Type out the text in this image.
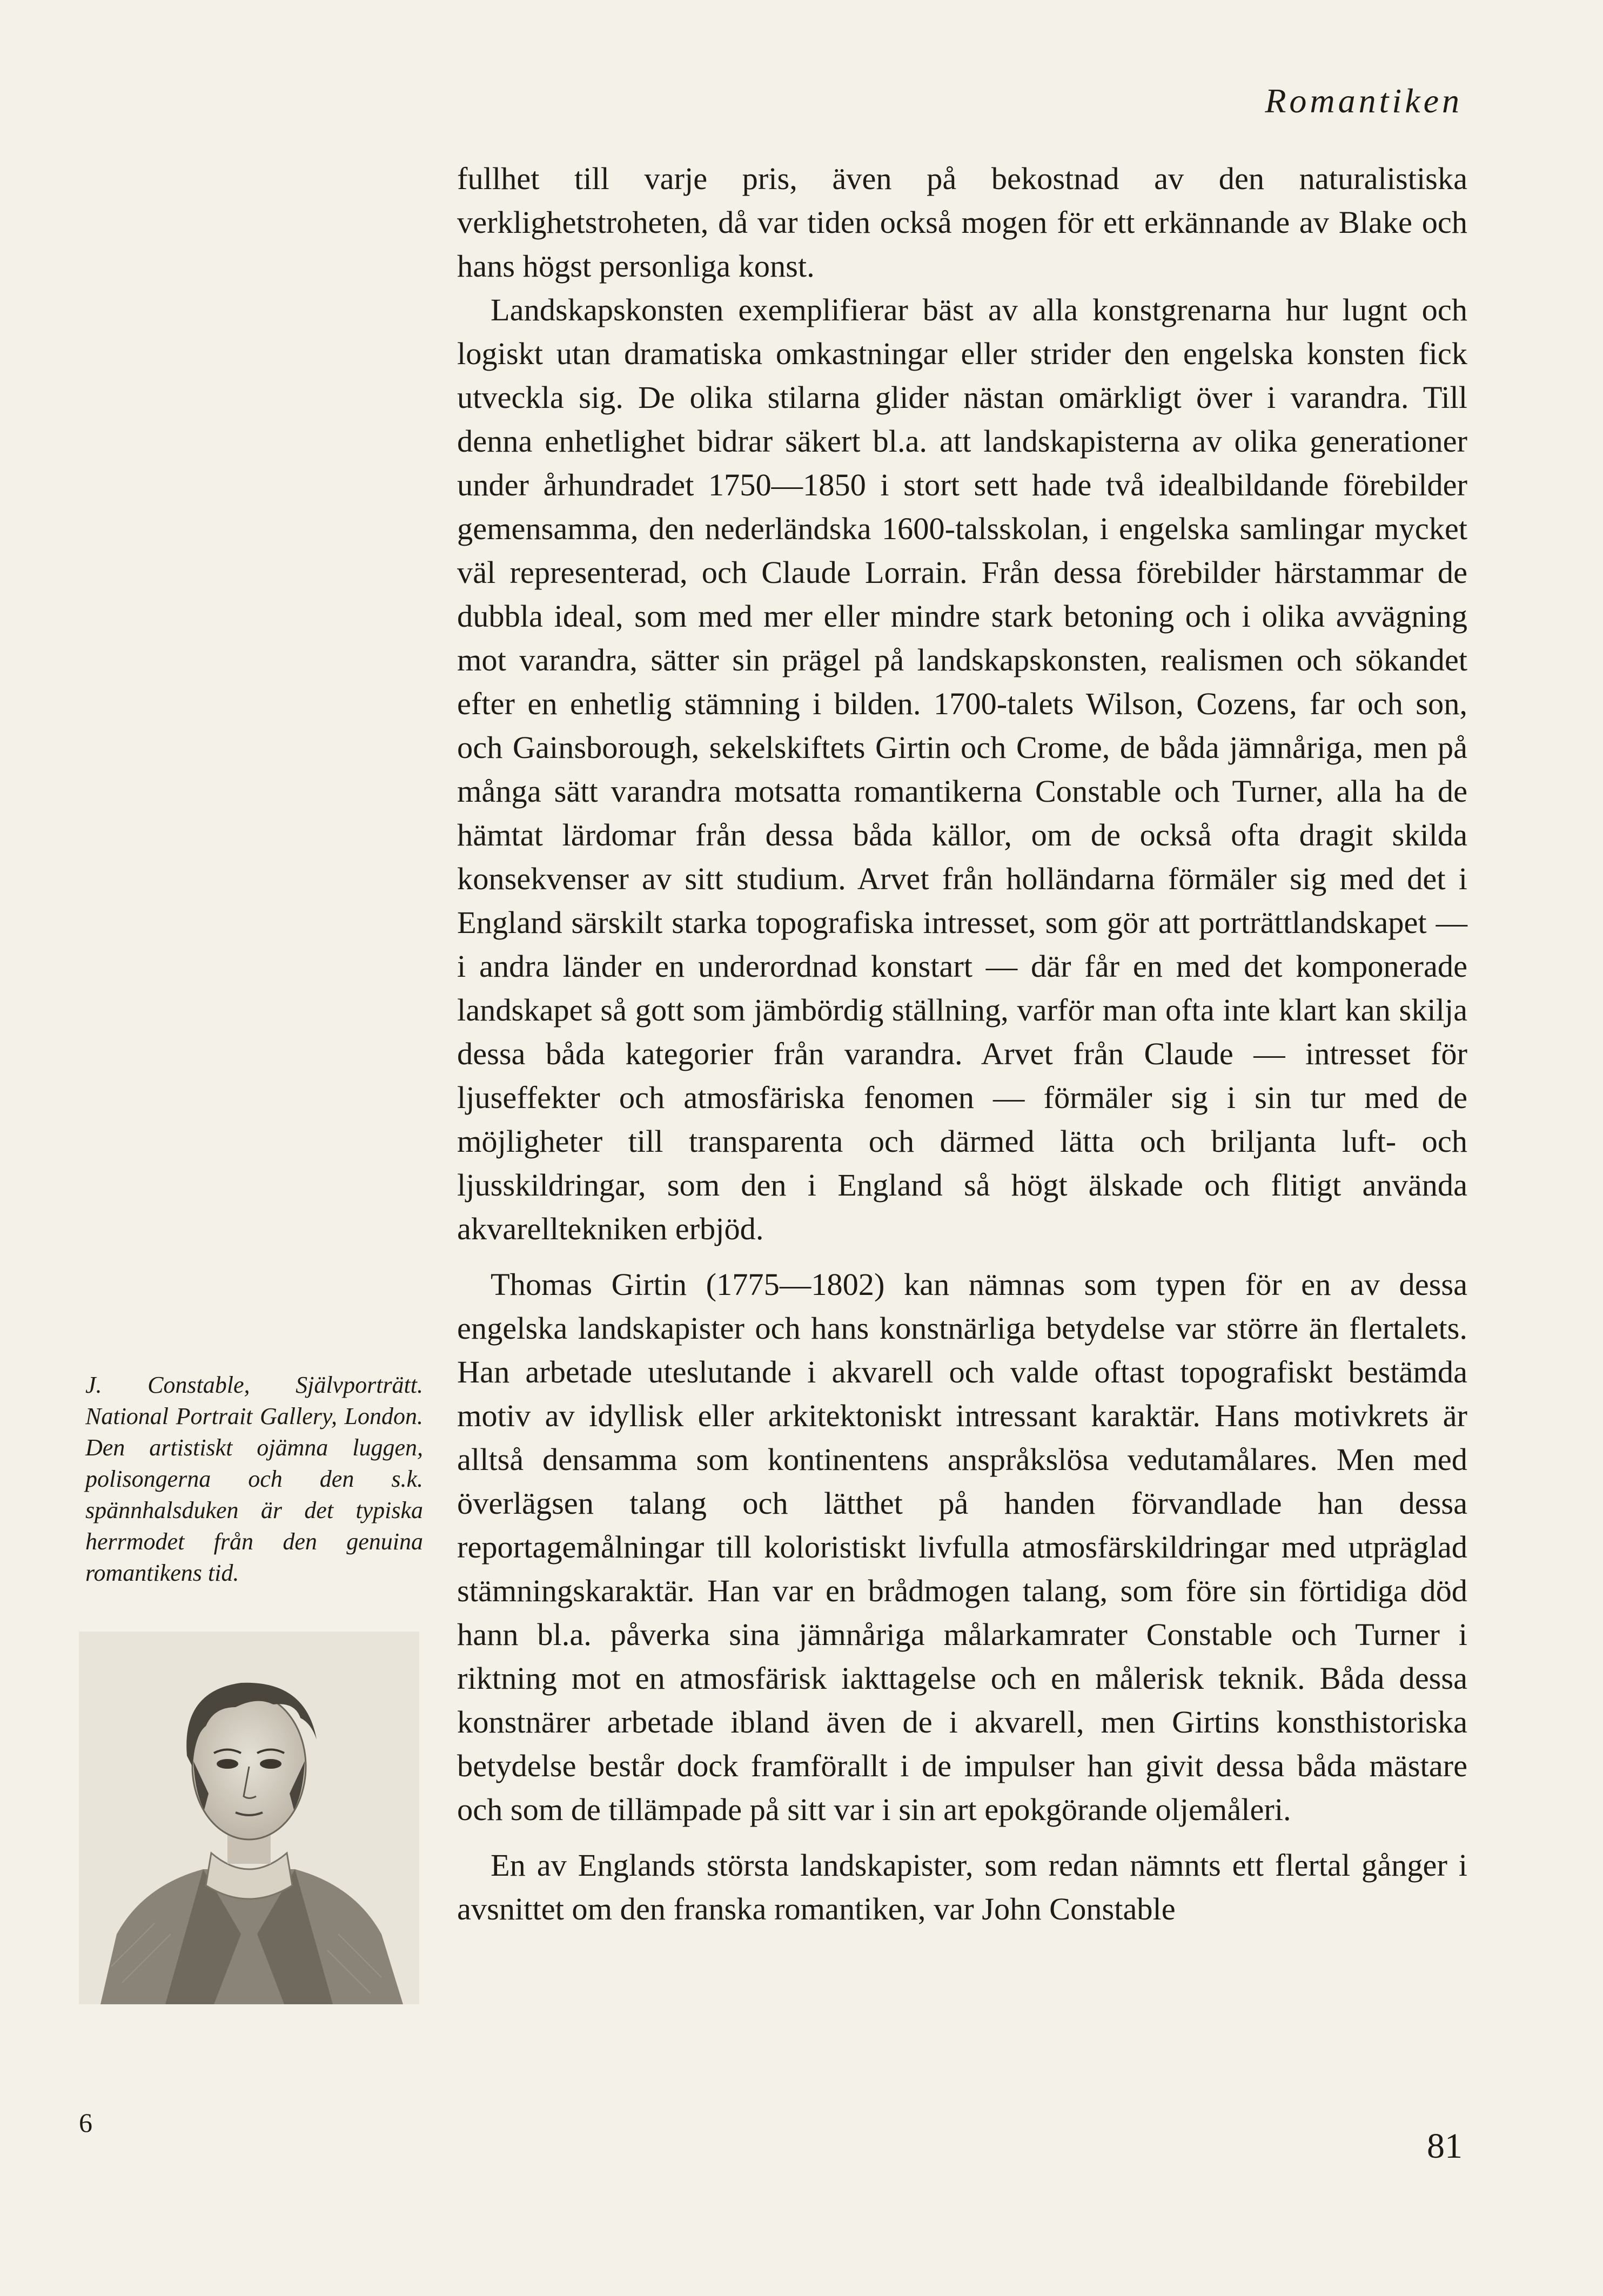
Romantiken

fullhet till varje pris, även på bekostnad av den naturalistiska verklighetstroheten, då var tiden också mogen för ett erkännande av Blake och hans högst personliga konst.

Landskapskonsten exemplifierar bäst av alla konstgrenarna hur lugnt och logiskt utan dramatiska omkastningar eller strider den engelska konsten fick utveckla sig. De olika stilarna glider nästan omärkligt över i varandra. Till denna enhetlighet bidrar säkert bl.a. att landskapisterna av olika generationer under århundradet 1750—1850 i stort sett hade två idealbildande förebilder gemensamma, den nederländska 1600-talsskolan, i engelska samlingar mycket väl representerad, och Claude Lorrain. Från dessa förebilder härstammar de dubbla ideal, som med mer eller mindre stark betoning och i olika avvägning mot varandra, sätter sin prägel på landskapskonsten, realismen och sökandet efter en enhetlig stämning i bilden. 1700-talets Wilson, Cozens, far och son, och Gainsborough, sekelskiftets Girtin och Crome, de båda jämnåriga, men på många sätt varandra motsatta romantikerna Constable och Turner, alla ha de hämtat lärdomar från dessa båda källor, om de också ofta dragit skilda konsekvenser av sitt studium. Arvet från holländarna förmäler sig med det i England särskilt starka topografiska intresset, som gör att porträttlandskapet — i andra länder en underordnad konstart — där får en med det komponerade landskapet så gott som jämbördig ställning, varför man ofta inte klart kan skilja dessa båda kategorier från varandra. Arvet från Claude — intresset för ljuseffekter och atmosfäriska fenomen — förmäler sig i sin tur med de möjligheter till transparenta och därmed lätta och briljanta luft- och ljusskildringar, som den i England så högt älskade och flitigt använda akvarelltekniken erbjöd.

Thomas Girtin (1775—1802) kan nämnas som typen för en av dessa engelska landskapister och hans konstnärliga betydelse var större än flertalets. Han arbetade uteslutande i akvarell och valde oftast topografiskt bestämda motiv av idyllisk eller arkitektoniskt intressant karaktär. Hans motivkrets är alltså densamma som kontinentens anspråkslösa vedutamålares. Men med överlägsen talang och lätthet på handen förvandlade han dessa reportagemålningar till koloristiskt livfulla atmosfärskildringar med utpräglad stämningskaraktär. Han var en brådmogen talang, som före sin förtidiga död hann bl.a. påverka sina jämnåriga målarkamrater Constable och Turner i riktning mot en atmosfärisk iakttagelse och en målerisk teknik. Båda dessa konstnärer arbetade ibland även de i akvarell, men Girtins konsthistoriska betydelse består dock framförallt i de impulser han givit dessa båda mästare och som de tillämpade på sitt var i sin art epokgörande oljemåleri.

En av Englands största landskapister, som redan nämnts ett flertal gånger i avsnittet om den franska romantiken, var John Constable

J. Constable, Självporträtt. National Portrait Gallery, London. Den artistiskt ojämna luggen, polisongerna och den s.k. spännhalsduken är det typiska herrmodet från den genuina romantikens tid.
6
81
